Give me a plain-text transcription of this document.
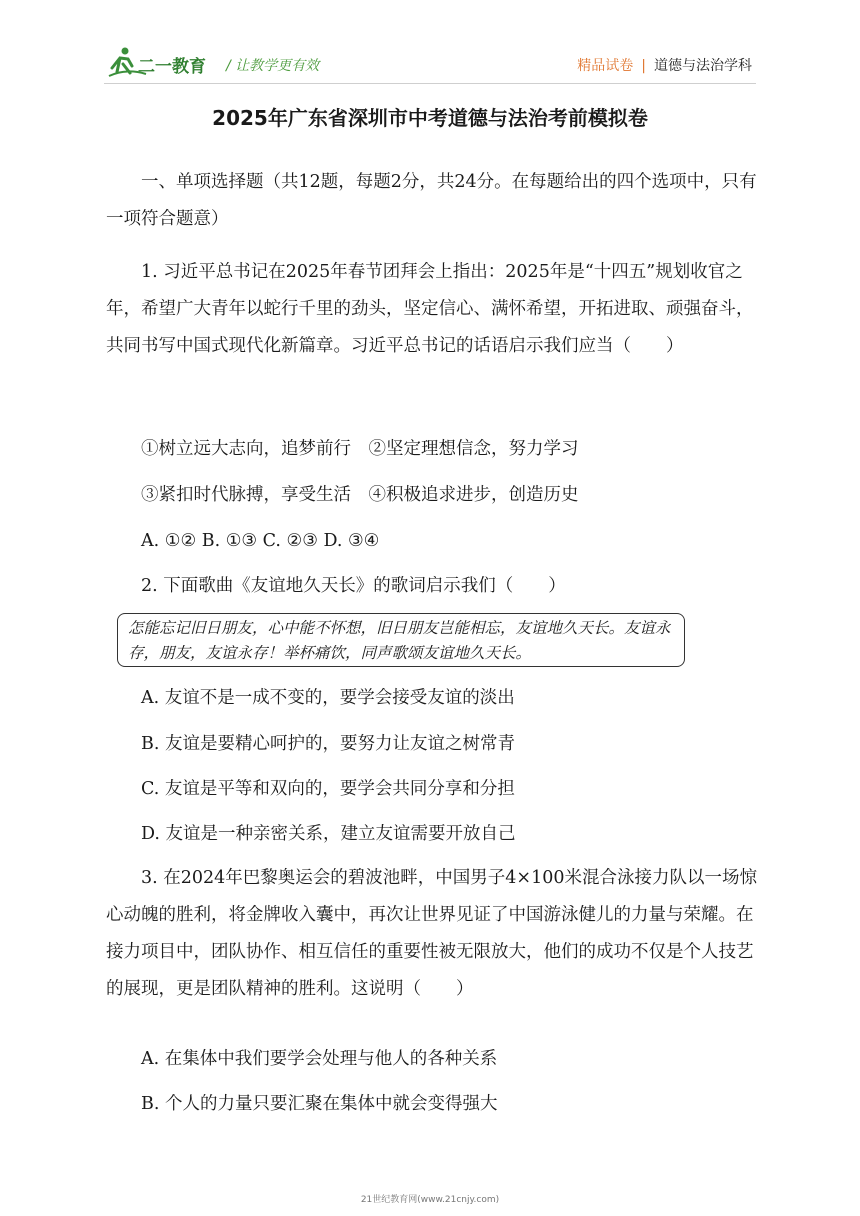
二一教育 / 让教学更有效	精品试卷 | 道德与法治学科
2025年广东省深圳市中考道德与法治考前模拟卷
一、单项选择题（共12题，每题2分，共24分。在每题给出的四个选项中，只有一项符合题意）
1. 习近平总书记在2025年春节团拜会上指出：2025年是“十四五”规划收官之年，希望广大青年以蛇行千里的劲头，坚定信心、满怀希望，开拓进取、顽强奋斗，共同书写中国式现代化新篇章。习近平总书记的话语启示我们应当（　　）
①树立远大志向，追梦前行　②坚定理想信念，努力学习
③紧扣时代脉搏，享受生活　④积极追求进步，创造历史
A. ①② B. ①③ C. ②③ D. ③④
2. 下面歌曲《友谊地久天长》的歌词启示我们（　　）
怎能忘记旧日朋友，心中能不怀想，旧日朋友岂能相忘，友谊地久天长。友谊永存，朋友，友谊永存！举杯痛饮，同声歌颂友谊地久天长。
A. 友谊不是一成不变的，要学会接受友谊的淡出
B. 友谊是要精心呵护的，要努力让友谊之树常青
C. 友谊是平等和双向的，要学会共同分享和分担
D. 友谊是一种亲密关系，建立友谊需要开放自己
3. 在2024年巴黎奥运会的碧波池畔，中国男子4×100米混合泳接力队以一场惊心动魄的胜利，将金牌收入囊中，再次让世界见证了中国游泳健儿的力量与荣耀。在接力项目中，团队协作、相互信任的重要性被无限放大，他们的成功不仅是个人技艺的展现，更是团队精神的胜利。这说明（　　）
A. 在集体中我们要学会处理与他人的各种关系
B. 个人的力量只要汇聚在集体中就会变得强大
21世纪教育网(www.21cnjy.com)
